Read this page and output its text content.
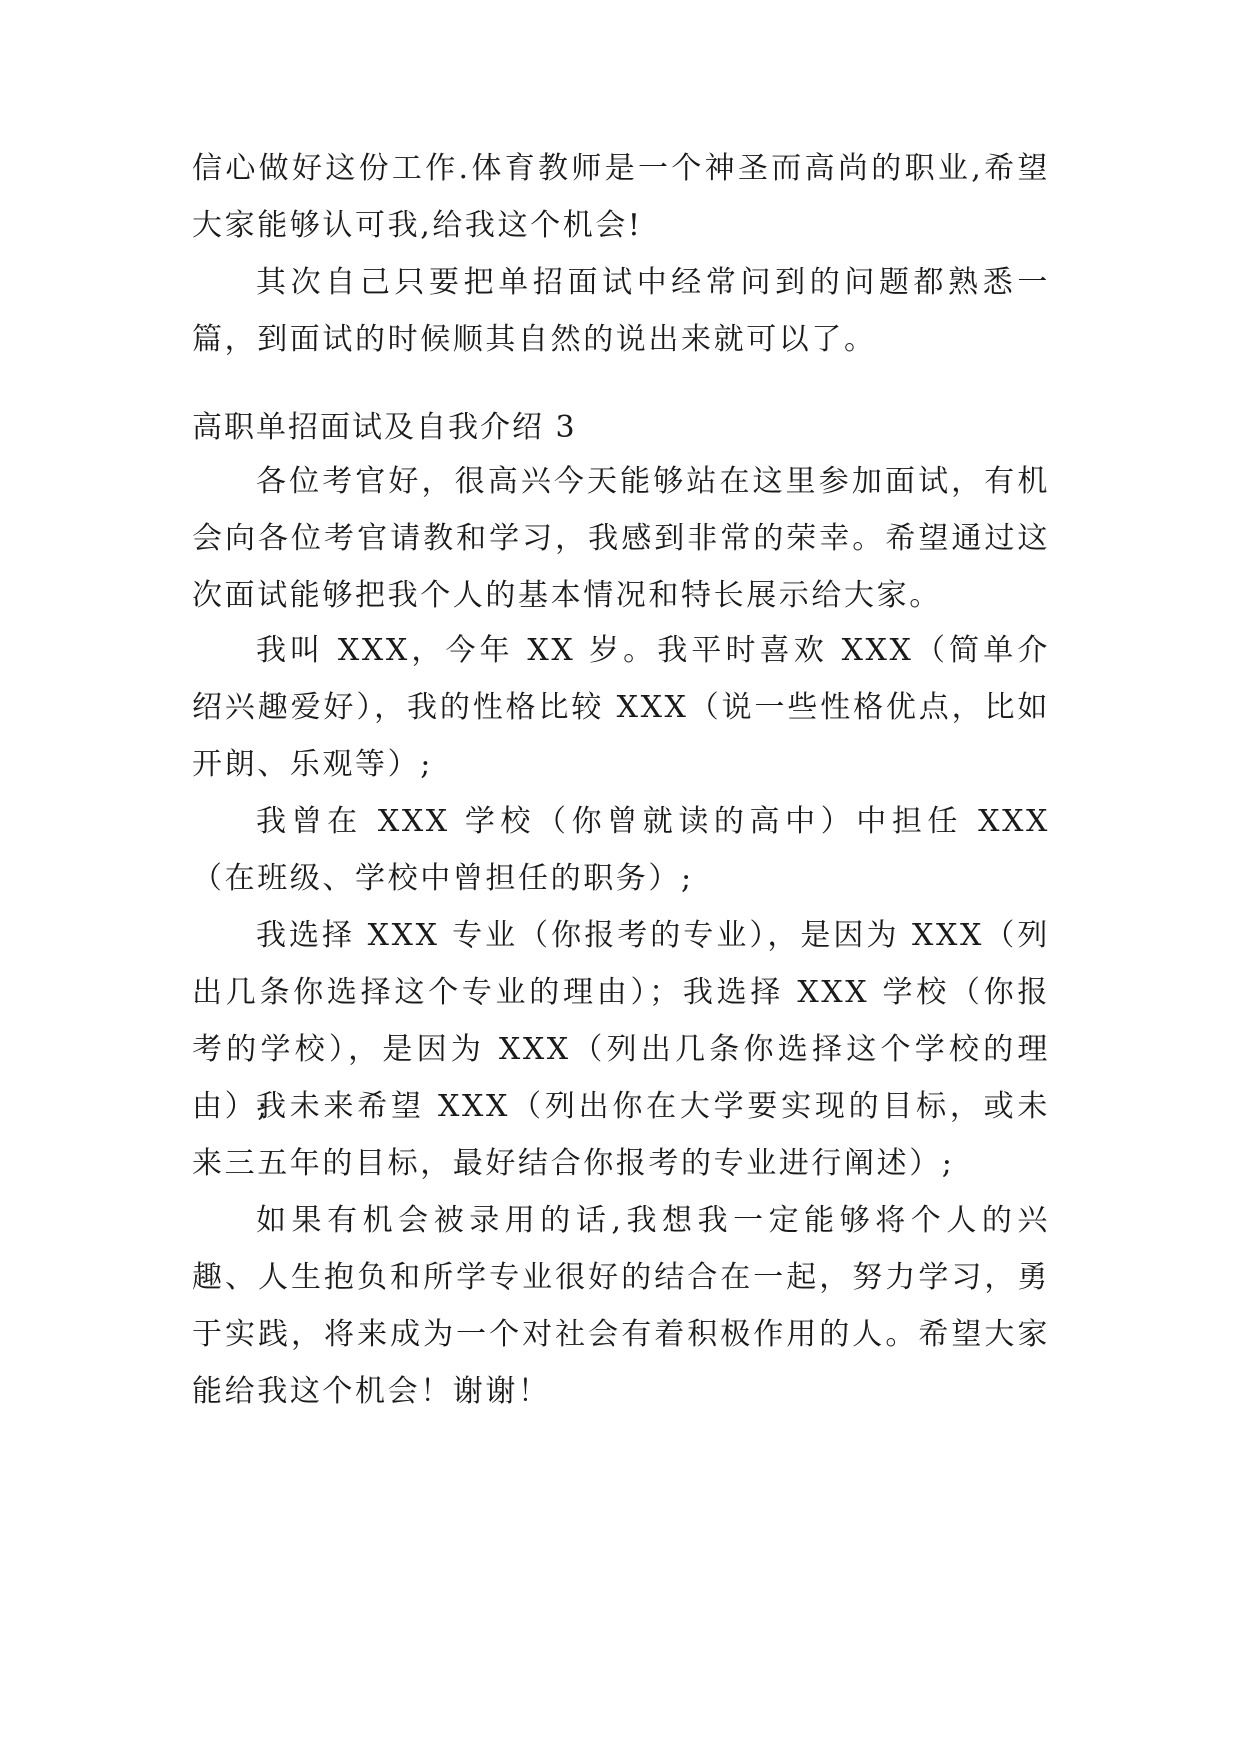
信心做好这份工作.体育教师是一个神圣而高尚的职业,希望大家能够认可我,给我这个机会!

其次自己只要把单招面试中经常问到的问题都熟悉一篇，到面试的时候顺其自然的说出来就可以了。

高职单招面试及自我介绍 3

各位考官好，很高兴今天能够站在这里参加面试，有机会向各位考官请教和学习，我感到非常的荣幸。希望通过这次面试能够把我个人的基本情况和特长展示给大家。

我叫 XXX，今年 XX 岁。我平时喜欢 XXX（简单介绍兴趣爱好），我的性格比较 XXX（说一些性格优点，比如开朗、乐观等）;

我曾在 XXX 学校（你曾就读的高中）中担任 XXX（在班级、学校中曾担任的职务）;

我选择 XXX 专业（你报考的专业），是因为 XXX（列出几条你选择这个专业的理由）；我选择 XXX 学校（你报考的学校），是因为 XXX（列出几条你选择这个学校的理由）;

我未来希望 XXX（列出你在大学要实现的目标，或未来三五年的目标，最好结合你报考的专业进行阐述）;

如果有机会被录用的话,我想我一定能够将个人的兴趣、人生抱负和所学专业很好的结合在一起，努力学习，勇于实践，将来成为一个对社会有着积极作用的人。希望大家能给我这个机会！谢谢！
